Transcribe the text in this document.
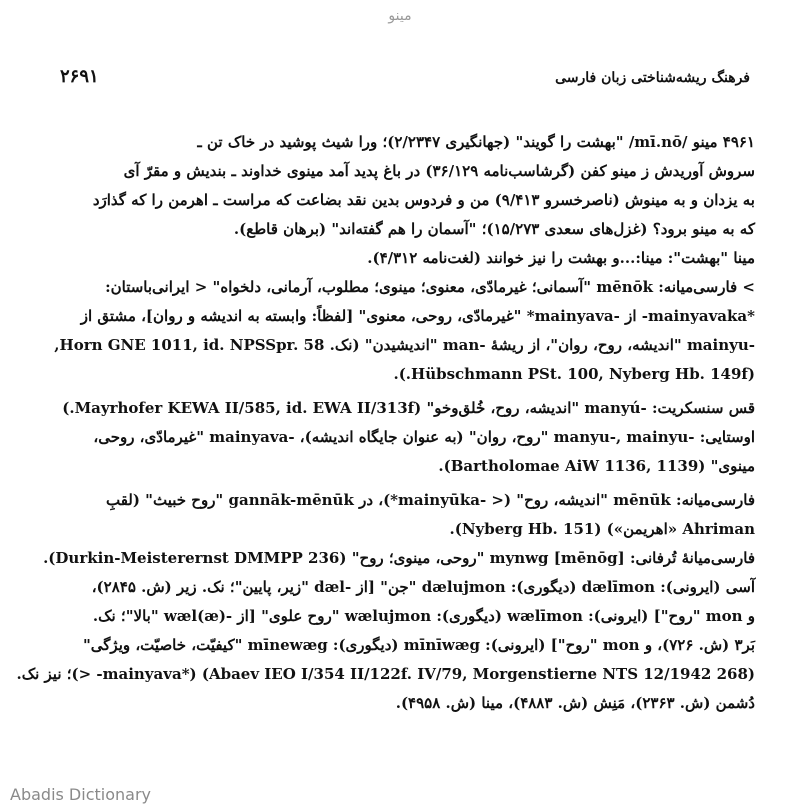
مینو
فرهنگ ریشه‌شناختی زبان فارسی
۲۶۹۱
۴۹۶۱ مینو /mī.nō/ "بهشت را گویند" (جهانگیری ۲/۲۳۴۷)؛ ورا شیث پوشید در خاک تن ـ
سروش آوریدش ز مینو کفن (گرشاسب‌نامه ۳۶/۱۲۹) در باغ پدید آمد مینوی خداوند ـ بندیش و مقرّ آی
به یزدان و به مینوش (ناصرخسرو ۹/۴۱۳) من و فردوس بدین نقد بضاعت که مراست ـ اهرمن را که گذارَد
که به مینو برود؟ (غزل‌های سعدی ۱۵/۲۷۳)؛ "آسمان را هم گفته‌اند" (برهان قاطع).
مینا "بهشت": مینا:...و بهشت را نیز خوانند (لغت‌نامه ۴/۳۱۲).
> فارسی‌میانه: mēnōk "آسمانی؛ غیرمادّی، معنوی؛ مینوی؛ مطلوب، آرمانی، دلخواه" < ایرانی‌باستان:
*mainyavaka- از -mainyava* "غیرمادّی، روحی، معنوی" [لفظاً: وابسته به اندیشه و روان]، مشتق از
-mainyu "اندیشه، روح، روان"، از ریشهٔ -man "اندیشیدن" (نک. Horn GNE 1011, id. NPSSpr. 58,
(Hübschmann PSt. 100, Nyberg Hb. 149f.).
قس سنسکریت: -manyú "اندیشه، روح، خُلق‌وخو" (Mayrhofer KEWA II/585, id. EWA II/313f.)
اوستایی: -manyu-, mainyu "روح، روان" (به عنوان جایگاه اندیشه)، -mainyava "غیرمادّی، روحی،
مینوی" (Bartholomae AiW 1136, 1139).
فارسی‌میانه: mēnūk "اندیشه، روح" (< -mainyūka*)، در gannāk-mēnūk "روح خبیث" (لقبِ
Ahriman «اهریمن») (Nyberg Hb. 151).
فارسی‌میانهٔ تُرفانی: mynwg [mēnōg] "روحی، مینوی؛ روح" (Durkin-Meisterernst DMMPP 236).
آسی (ایرونی): dælīmon (دیگوری): dælujmon "جن" [از -dæl "زیر، پایین"؛ نک. زیر (ش. ۲۸۴۵)،
و mon "روح"] (ایرونی): wælīmon (دیگوری): wælujmon "روح علوی" [از -wæl(æ) "بالا"؛ نک.
بَر۳ (ش. ۷۲۶)، و mon "روح"] (ایرونی): mīnīwæg (دیگوری): mīnewæg "کیفیّت، خاصیّت، ویژگی"
(Abaev IEO I/354 II/122f. IV/79, Morgenstierne NTS 12/1942 268) (*mainyava- <)؛ نیز نک.
دُشمن (ش. ۲۳۶۳)، مَنِش (ش. ۴۸۸۳)، مینا (ش. ۴۹۵۸).
Abadis Dictionary
